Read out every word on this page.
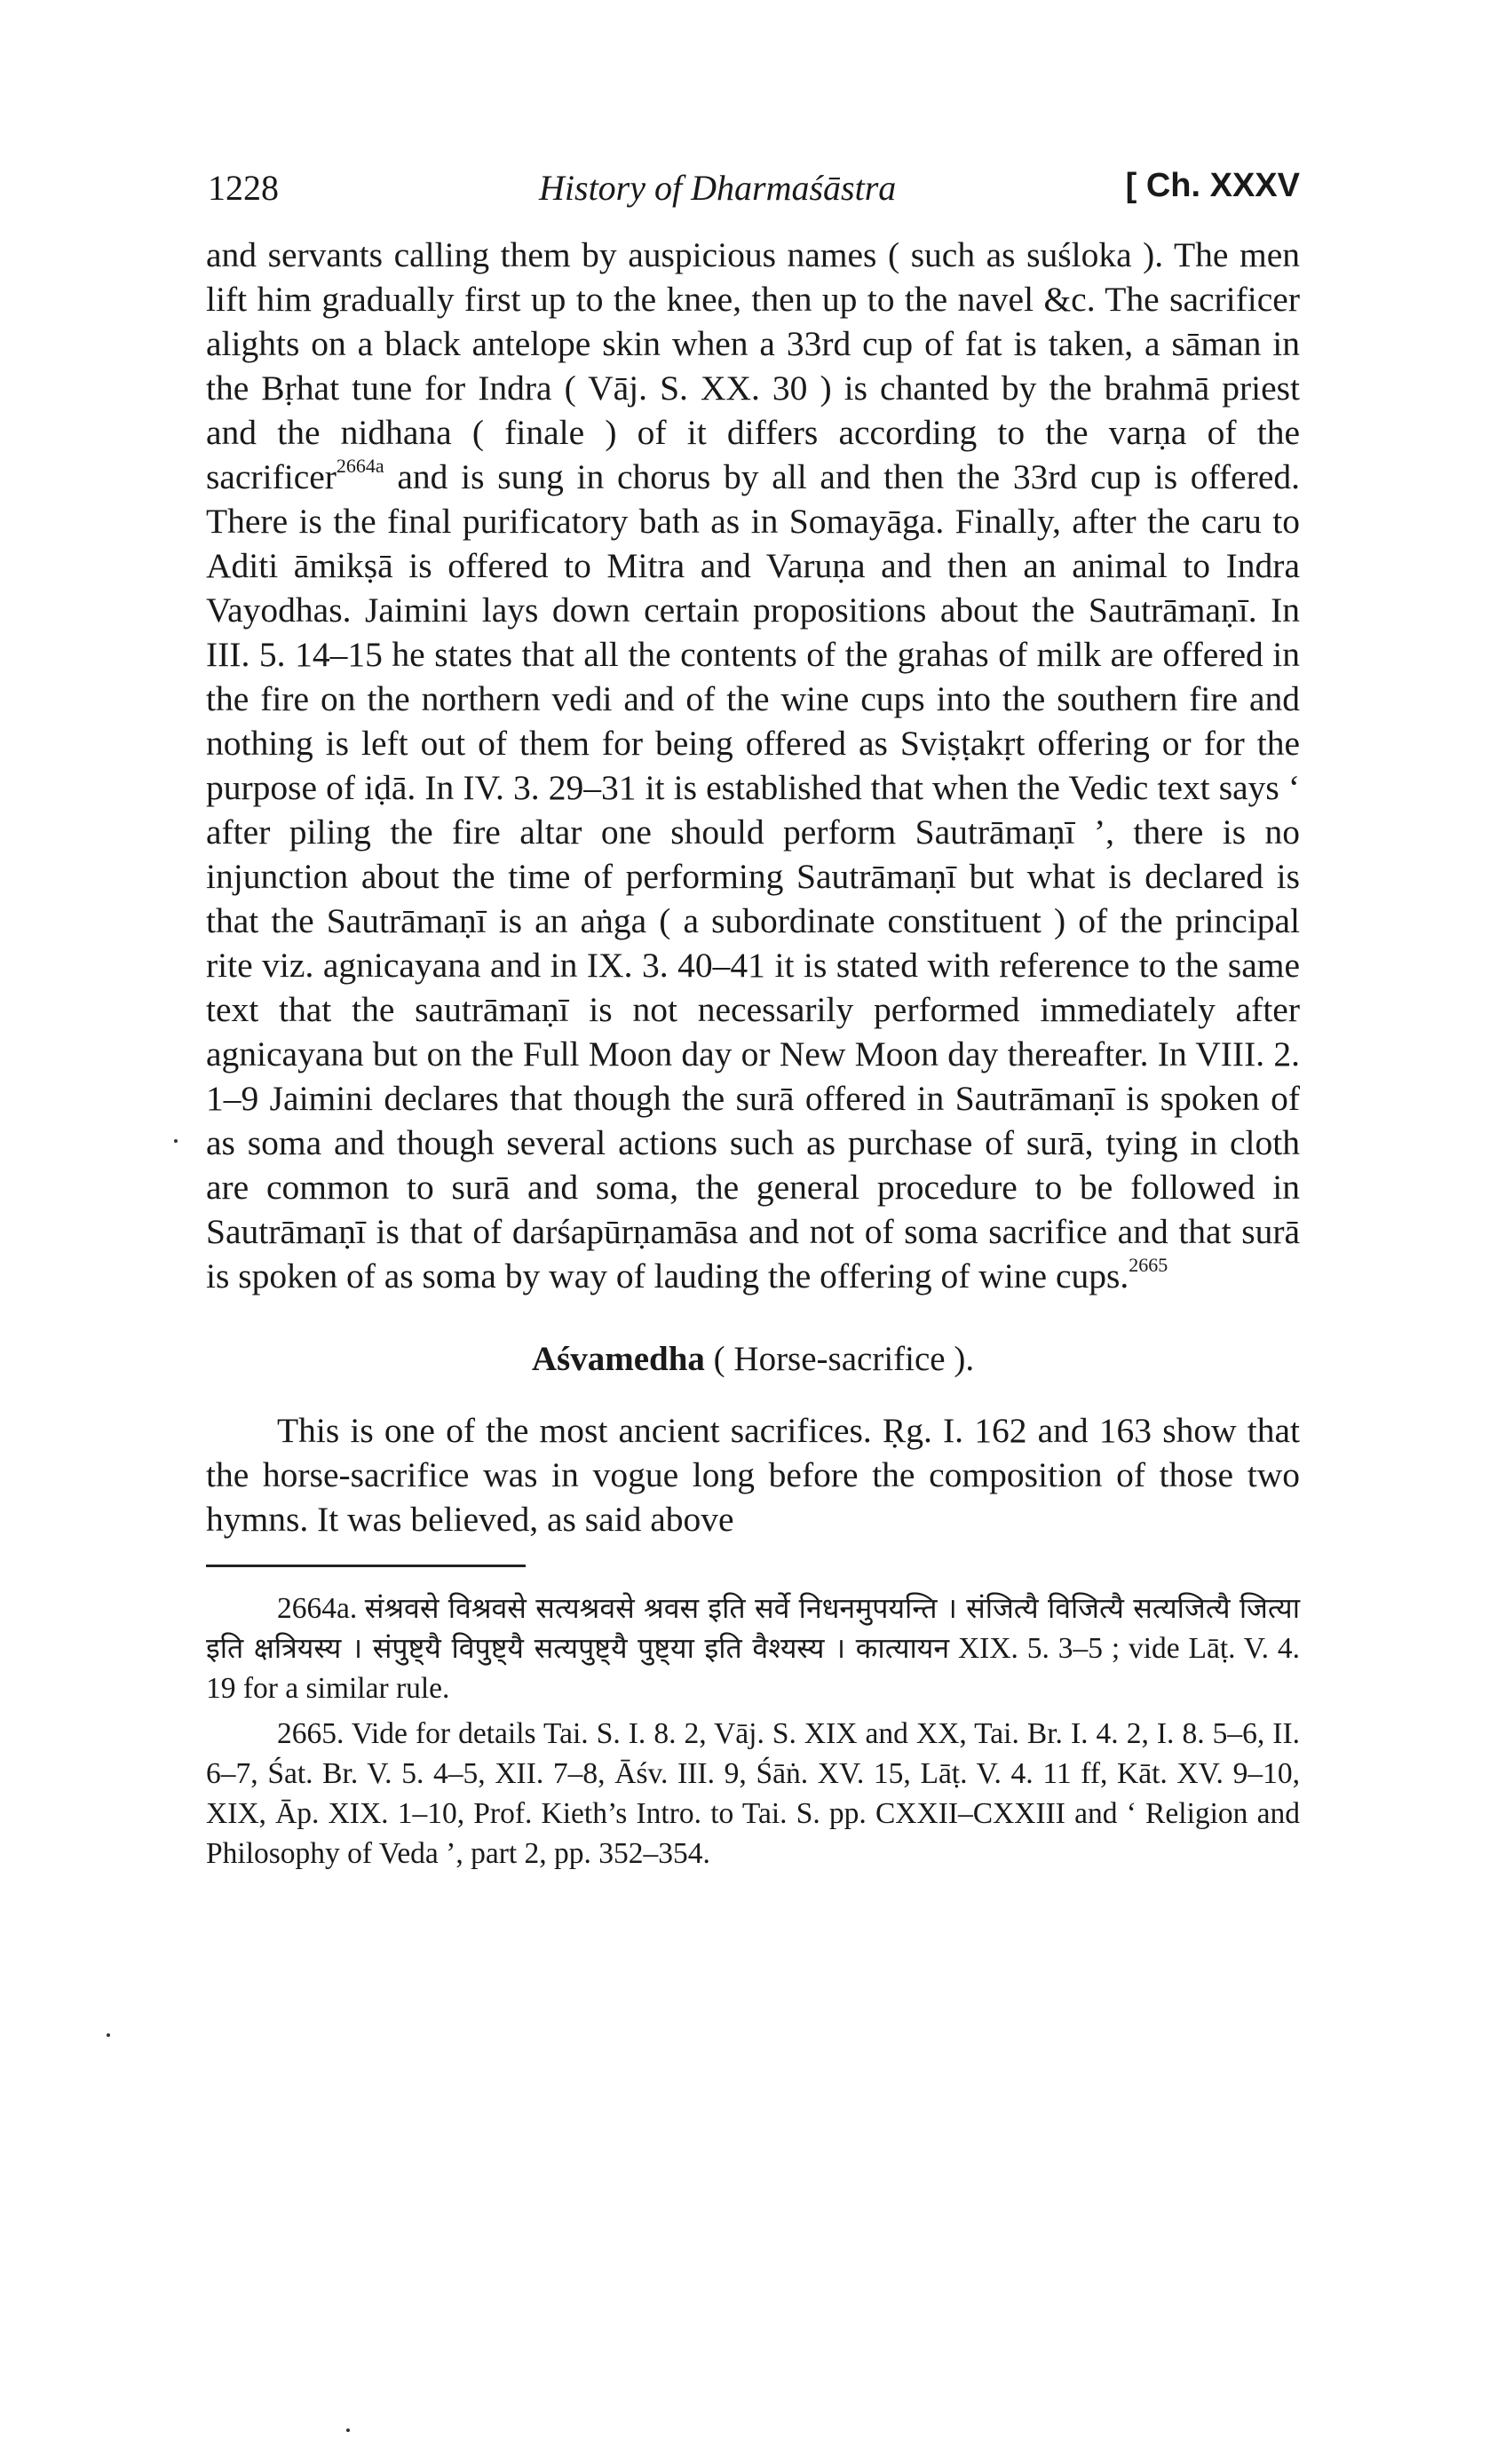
1228	History of Dharmaśāstra	[ Ch. XXXV

and servants calling them by auspicious names ( such as suśloka ). The men lift him gradually first up to the knee, then up to the navel &c. The sacrificer alights on a black antelope skin when a 33rd cup of fat is taken, a sāman in the Bṛhat tune for Indra ( Vāj. S. XX. 30 ) is chanted by the brahmā priest and the nidhana ( finale ) of it differs according to the varṇa of the sacrificer$^{2664a}$ and is sung in chorus by all and then the 33rd cup is offered. There is the final purificatory bath as in Somayāga. Finally, after the caru to Aditi āmikṣā is offered to Mitra and Varuṇa and then an animal to Indra Vayodhas. Jaimini lays down certain propositions about the Sautrāmaṇī. In III. 5. 14–15 he states that all the contents of the grahas of milk are offered in the fire on the northern vedi and of the wine cups into the southern fire and nothing is left out of them for being offered as Sviṣṭakṛt offering or for the purpose of iḍā. In IV. 3. 29–31 it is established that when the Vedic text says ‘ after piling the fire altar one should perform Sautrāmaṇī ’, there is no injunction about the time of performing Sautrāmaṇī but what is declared is that the Sautrāmaṇī is an aṅga ( a subordinate constituent ) of the principal rite viz. agnicayana and in IX. 3. 40–41 it is stated with reference to the same text that the sautrāmaṇī is not necessarily performed immediately after agnicayana but on the Full Moon day or New Moon day thereafter. In VIII. 2. 1–9 Jaimini declares that though the surā offered in Sautrāmaṇī is spoken of as soma and though several actions such as purchase of surā, tying in cloth are common to surā and soma, the general procedure to be followed in Sautrāmaṇī is that of darśapūrṇamāsa and not of soma sacrifice and that surā is spoken of as soma by way of lauding the offering of wine cups.$^{2665}$

Aśvamedha ( Horse-sacrifice ).

This is one of the most ancient sacrifices. Ṛg. I. 162 and 163 show that the horse-sacrifice was in vogue long before the composition of those two hymns. It was believed, as said above

2664a. संश्रवसे विश्रवसे सत्यश्रवसे श्रवस इति सर्वे निधनमुपयन्ति । संजित्यै विजित्यै सत्यजित्यै जित्या इति क्षत्रियस्य । संपुष्ट्यै विपुष्ट्यै सत्यपुष्ट्यै पुष्ट्या इति वैश्यस्य । कात्यायन XIX. 5. 3–5 ; vide Lāṭ. V. 4. 19 for a similar rule.

2665. Vide for details Tai. S. I. 8. 2, Vāj. S. XIX and XX, Tai. Br. I. 4. 2, I. 8. 5–6, II. 6–7, Śat. Br. V. 5. 4–5, XII. 7–8, Āśv. III. 9, Śāṅ. XV. 15, Lāṭ. V. 4. 11 ff, Kāt. XV. 9–10, XIX, Āp. XIX. 1–10, Prof. Kieth’s Intro. to Tai. S. pp. CXXII–CXXIII and ‘ Religion and Philosophy of Veda ’, part 2, pp. 352–354.
